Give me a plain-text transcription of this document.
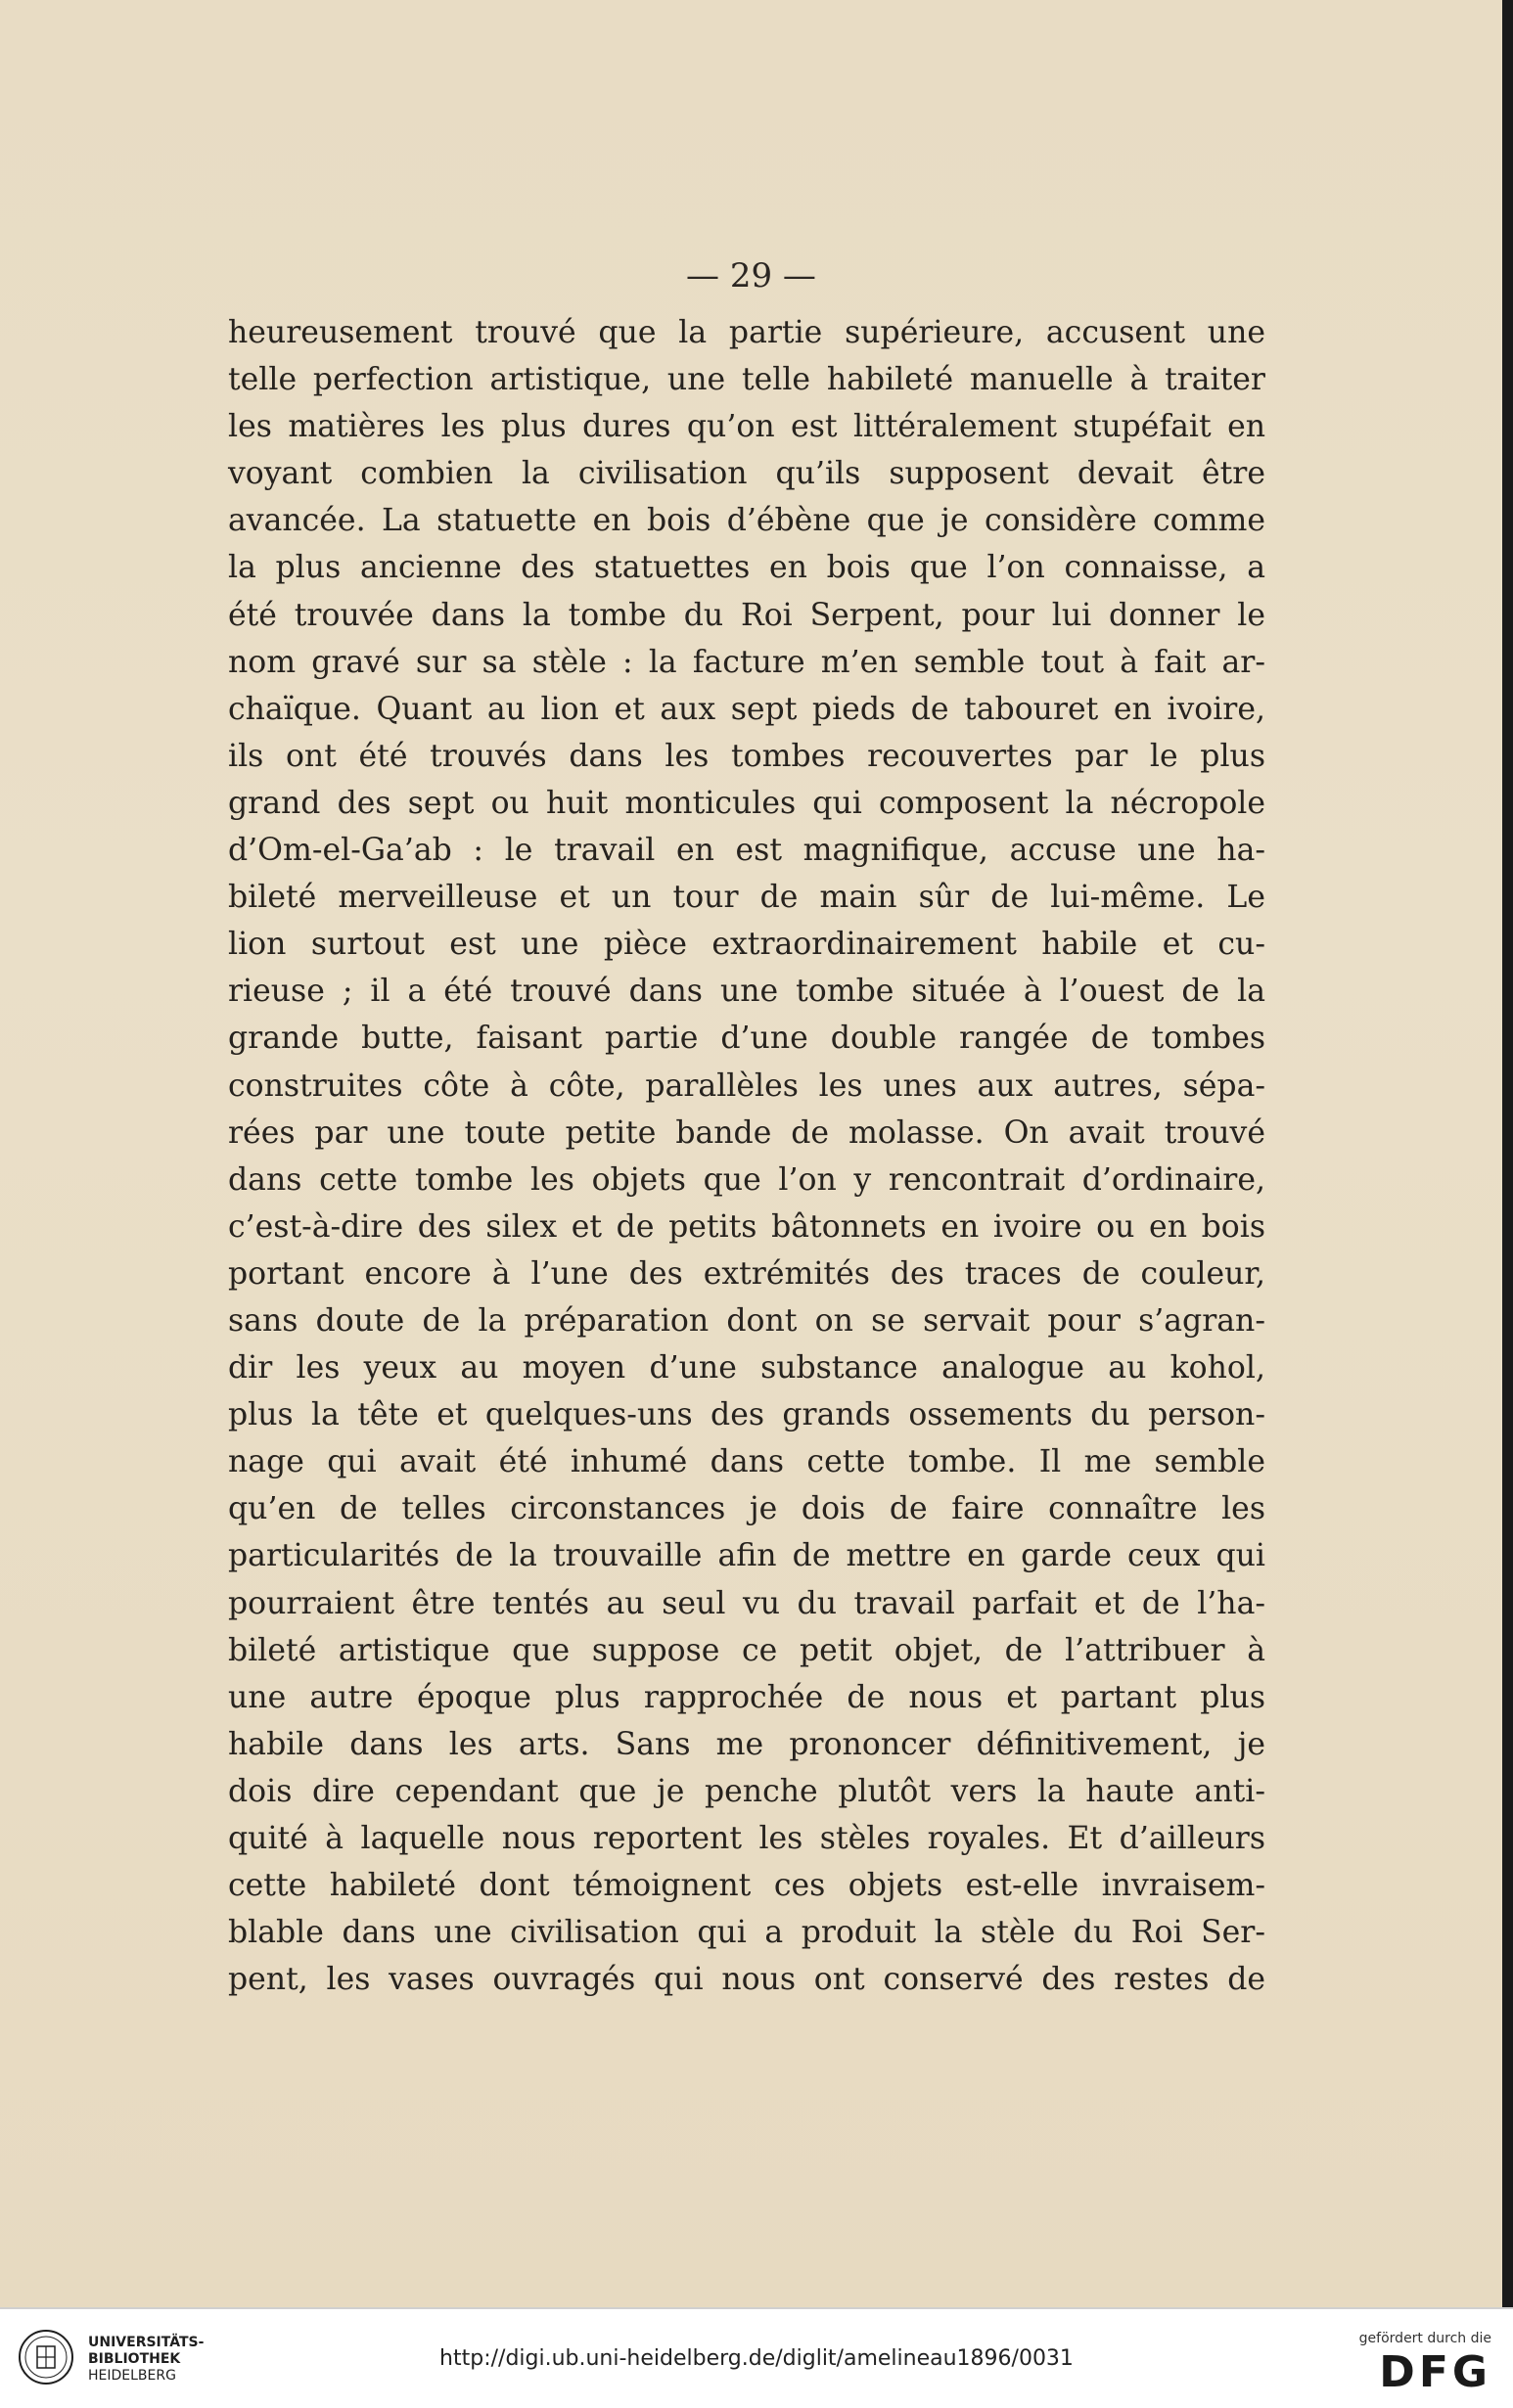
— 29 —
heureusement trouvé que la partie supérieure, accusent une
telle perfection artistique, une telle habileté manuelle à traiter
les matières les plus dures qu’on est littéralement stupéfait en
voyant combien la civilisation qu’ils supposent devait être
avancée. La statuette en bois d’ébène que je considère comme
la plus ancienne des statuettes en bois que l’on connaisse, a
été trouvée dans la tombe du Roi Serpent, pour lui donner le
nom gravé sur sa stèle : la facture m’en semble tout à fait ar-
chaïque. Quant au lion et aux sept pieds de tabouret en ivoire,
ils ont été trouvés dans les tombes recouvertes par le plus
grand des sept ou huit monticules qui composent la nécropole
d’Om-el-Ga’ab : le travail en est magnifique, accuse une ha-
bileté merveilleuse et un tour de main sûr de lui-même. Le
lion surtout est une pièce extraordinairement habile et cu-
rieuse ; il a été trouvé dans une tombe située à l’ouest de la
grande butte, faisant partie d’une double rangée de tombes
construites côte à côte, parallèles les unes aux autres, sépa-
rées par une toute petite bande de molasse. On avait trouvé
dans cette tombe les objets que l’on y rencontrait d’ordinaire,
c’est-à-dire des silex et de petits bâtonnets en ivoire ou en bois
portant encore à l’une des extrémités des traces de couleur,
sans doute de la préparation dont on se servait pour s’agran-
dir les yeux au moyen d’une substance analogue au kohol,
plus la tête et quelques-uns des grands ossements du person-
nage qui avait été inhumé dans cette tombe. Il me semble
qu’en de telles circonstances je dois de faire connaître les
particularités de la trouvaille afin de mettre en garde ceux qui
pourraient être tentés au seul vu du travail parfait et de l’ha-
bileté artistique que suppose ce petit objet, de l’attribuer à
une autre époque plus rapprochée de nous et partant plus
habile dans les arts. Sans me prononcer définitivement, je
dois dire cependant que je penche plutôt vers la haute anti-
quité à laquelle nous reportent les stèles royales. Et d’ailleurs
cette habileté dont témoignent ces objets est-elle invraisem-
blable dans une civilisation qui a produit la stèle du Roi Ser-
pent, les vases ouvragés qui nous ont conservé des restes de
UNIVERSITÄTS-
BIBLIOTHEK
HEIDELBERG
http://digi.ub.uni-heidelberg.de/diglit/amelineau1896/0031
gefördert durch die
DFG
